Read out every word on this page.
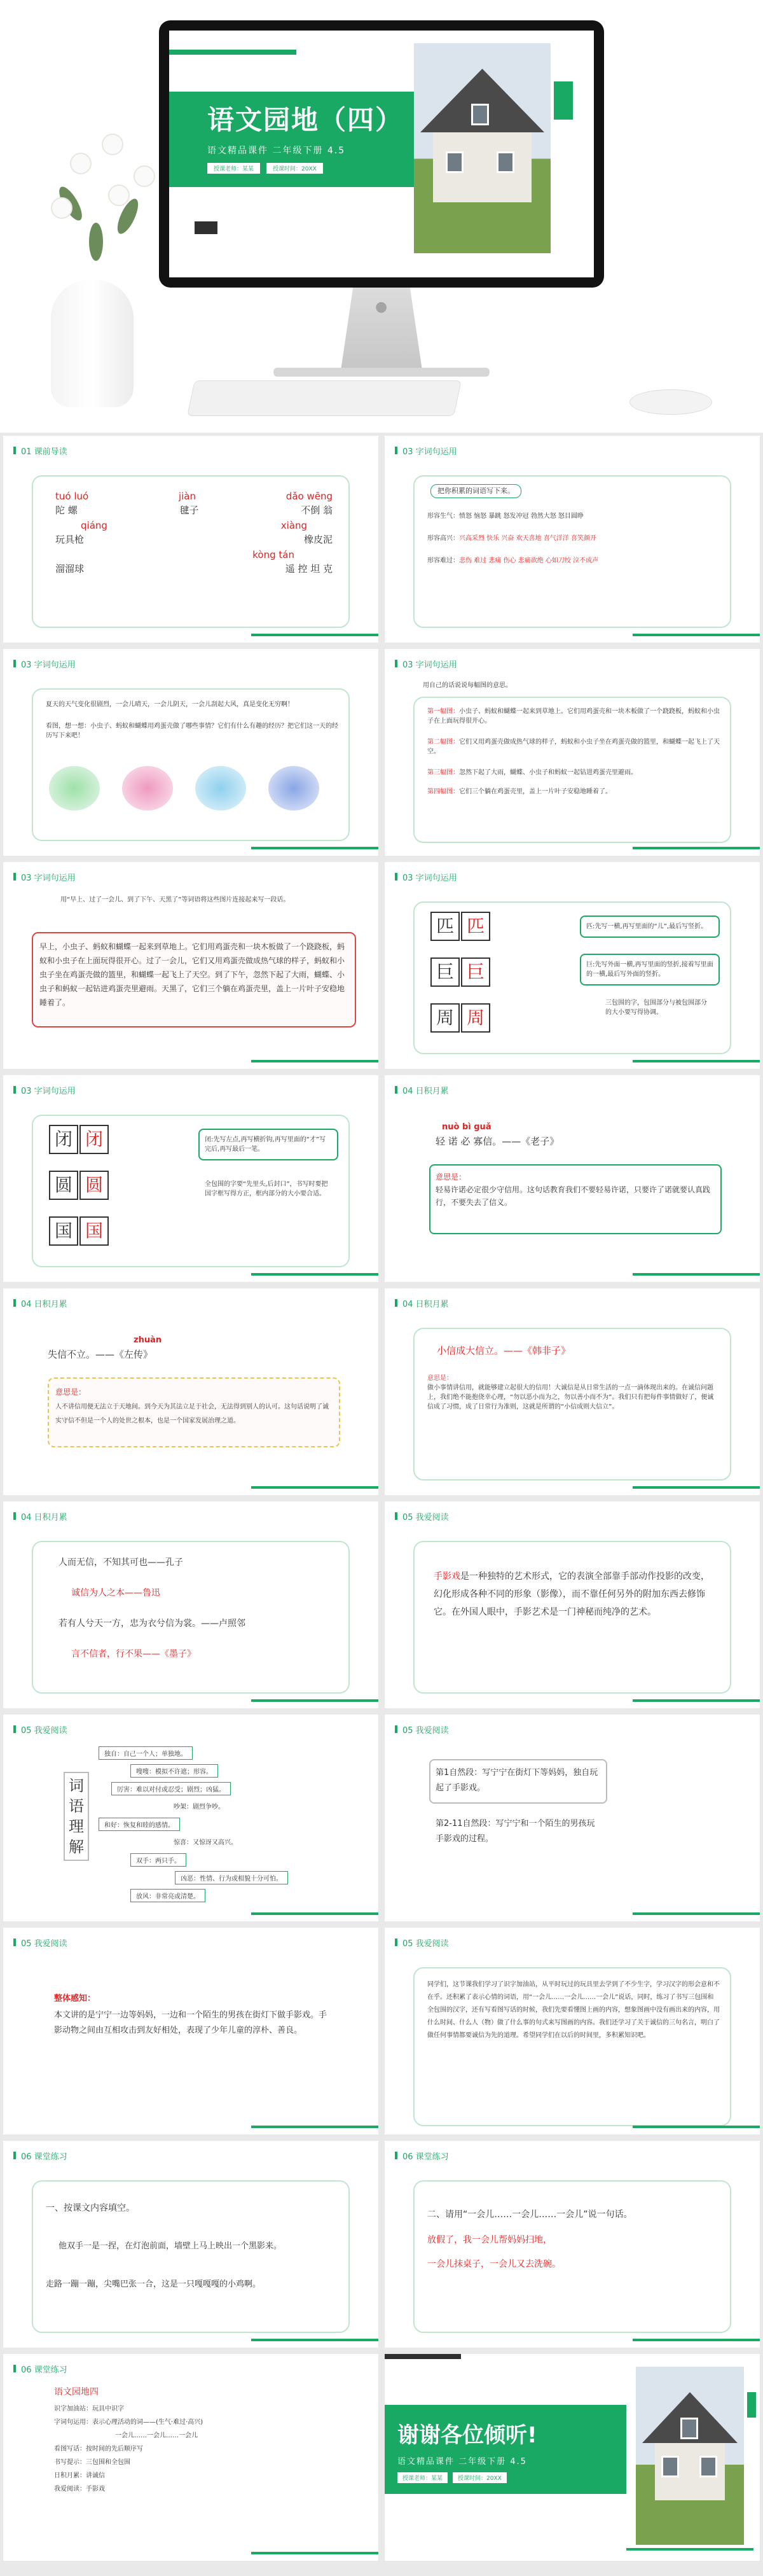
语文园地（四）
语文精品课件 二年级下册 4.5
授课老师：某某	授课时间：20XX
●
01 课前导读
tuó luó	jiàn	dǎo wēng
陀 螺	毽子	不倒 翁
qiáng	xiàng
玩具枪	橡皮泥
kòng tán
溜溜球	遥 控 坦 克
03 字词句运用
把你积累的词语写下来。
形容生气：愤怒 恼怒 暴跳 怒发冲冠 勃然大怒 怒目圆睁
形容高兴：兴高采烈 快乐 兴奋 欢天喜地 喜气洋洋 喜笑颜开
形容难过：悲伤 难过 悲痛 伤心 悲痛欲绝 心如刀绞 泣不成声
03 字词句运用
夏天的天气变化很剧烈，一会儿晴天，一会儿阴天，一会儿刮起大风，真是变化无穷啊！
看图，想一想：小虫子、蚂蚁和蝴蝶用鸡蛋壳做了哪些事情？它们有什么有趣的经历？把它们这一天的经历写下来吧！
03 字词句运用
用自己的话说说每幅图的意思。
第一幅图：小虫子、蚂蚁和蝴蝶一起来到草地上。它们用鸡蛋壳和一块木板做了一个跷跷板，蚂蚁和小虫子在上面玩得很开心。
第二幅图：它们又用鸡蛋壳做成热气球的样子，蚂蚁和小虫子坐在鸡蛋壳做的篮里，和蝴蝶一起飞上了天空。
第三幅图：忽然下起了大雨，蝴蝶、小虫子和蚂蚁一起钻进鸡蛋壳里避雨。
第四幅图：它们三个躺在鸡蛋壳里，盖上一片叶子安稳地睡着了。
03 字词句运用
用“早上、过了一会儿、到了下午、天黑了”等词语将这些图片连接起来写一段话。
早上，小虫子、蚂蚁和蝴蝶一起来到草地上。它们用鸡蛋壳和一块木板做了一个跷跷板，蚂蚁和小虫子在上面玩得很开心。过了一会儿，它们又用鸡蛋壳做成热气球的样子，蚂蚁和小虫子坐在鸡蛋壳做的篮里，和蝴蝶一起飞上了天空。到了下午，忽然下起了大雨，蝴蝶、小虫子和蚂蚁一起钻进鸡蛋壳里避雨。天黑了，它们三个躺在鸡蛋壳里，盖上一片叶子安稳地睡着了。
03 字词句运用
匹 匹
巨 巨
周 周
匹:先写一横,再写里面的“儿”,最后写竖折。
巨:先写外面一横,再写里面的竖折,接着写里面的一横,最后写外面的竖折。
三包围的字，包围部分与被包围部分的大小要写得协调。
03 字词句运用
闭 闭
圆 圆
国 国
闭:先写左点,再写横折钩,再写里面的“才”写完后,再写最后一笔。
全包围的字要“先里头,后封口”，书写时要把国字框写得方正，框内部分的大小要合适。
04 日积月累
nuò bì guǎ
轻 诺 必 寡信。——《老子》
意思是：
轻易许诺必定很少守信用。这句话教育我们不要轻易许诺，只要许了诺就要认真践行，不要失去了信义。
04 日积月累
zhuàn
失信不立。——《左传》
意思是：
人不讲信用便无法立于天地间。到今天为其法立足于社会，无法得到别人的认可。这句话说明了诚实守信不但是一个人的处世之根本，也是一个国家发展治理之道。
04 日积月累
小信成大信立。——《韩非子》
意思是：
做小事情讲信用，就能够建立起很大的信用！大诚信是从日常生活的一点一滴体现出来的。在诚信问题上，我们绝不能抱侥幸心理，“勿以恶小而为之，勿以善小而不为”。我们只有把每件事情做好了，便诚信成了习惯，成了日常行为准则，这就是所谓的“小信成则大信立”。
04 日积月累
人而无信，不知其可也——孔子
诚信为人之本——鲁迅
若有人兮天一方，忠为衣兮信为裳。——卢照邻
言不信者，行不果——《墨子》
05 我爱阅读
手影戏是一种独特的艺术形式，它的表演全部靠手部动作投影的改变，幻化形成各种不同的形象（影像），而不靠任何另外的附加东西去修饰它。在外国人眼中，手影艺术是一门神秘而纯净的艺术。
05 我爱阅读
词语理解
独自：自己一个人；单独地。
嗖嗖：模拟不许遮；形容。
厉害：难以对付或忍受；剧烈；凶猛。
吵架：剧烈争吵。
和好：恢复和睦的感情。
惊喜：又惊讶又高兴。
双手：两只手。
凶恶：性情、行为或相貌十分可怕。
放风：非常亮或清楚。
05 我爱阅读
第1自然段：写宁宁在街灯下等妈妈，独自玩起了手影戏。
第2-11自然段：写宁宁和一个陌生的男孩玩手影戏的过程。
05 我爱阅读
整体感知：
本文讲的是宁宁一边等妈妈，一边和一个陌生的男孩在街灯下做手影戏。手影动物之间由互相攻击到友好相处，表现了少年儿童的淳朴、善良。
05 我爱阅读
同学们，这节课我们学习了识字加油站，从平时玩过的玩具里去学到了不少生字，学习汉字的形会意和不在乎。还积累了表示心情的词语，用“一会儿……一会儿……一会儿”说话，同时，练习了书写三包围和全包围的汉字，还有写看图写话的时候，我们先要看懂图上画的内容，想象图画中没有画出来的内容，用什么时间、什么人（物）做了什么事的句式来写图画的内容。我们还学习了关于诚信的三句名言，明白了做任何事情都要诚信为先的道理。希望同学们在以后的时间里，多积累知识吧。
06 课堂练习
一、按课文内容填空。
他双手一是一捏，在灯泡前面，墙壁上马上映出一个黑影来。
走路一蹦一蹦，尖嘴巴张一合，这是一只嘎嘎嘎的小鸡啊。
06 课堂练习
二、请用“一会儿……一会儿……一会儿”说一句话。
放假了，我一会儿帮妈妈扫地，
一会儿抹桌子，一会儿又去洗碗。
06 课堂练习
语文园地四
识字加油站：玩具中识字
字词句运用：表示心理活动的词——(生气·难过·高兴)
一会儿……一会儿……一会儿
看图写话：按时间的先后顺序写
书写提示：三包围和全包围
日积月累：讲诚信
我爱阅读：手影戏
谢谢各位倾听!
语文精品课件 二年级下册 4.5
授课老师：某某	授课时间：20XX
